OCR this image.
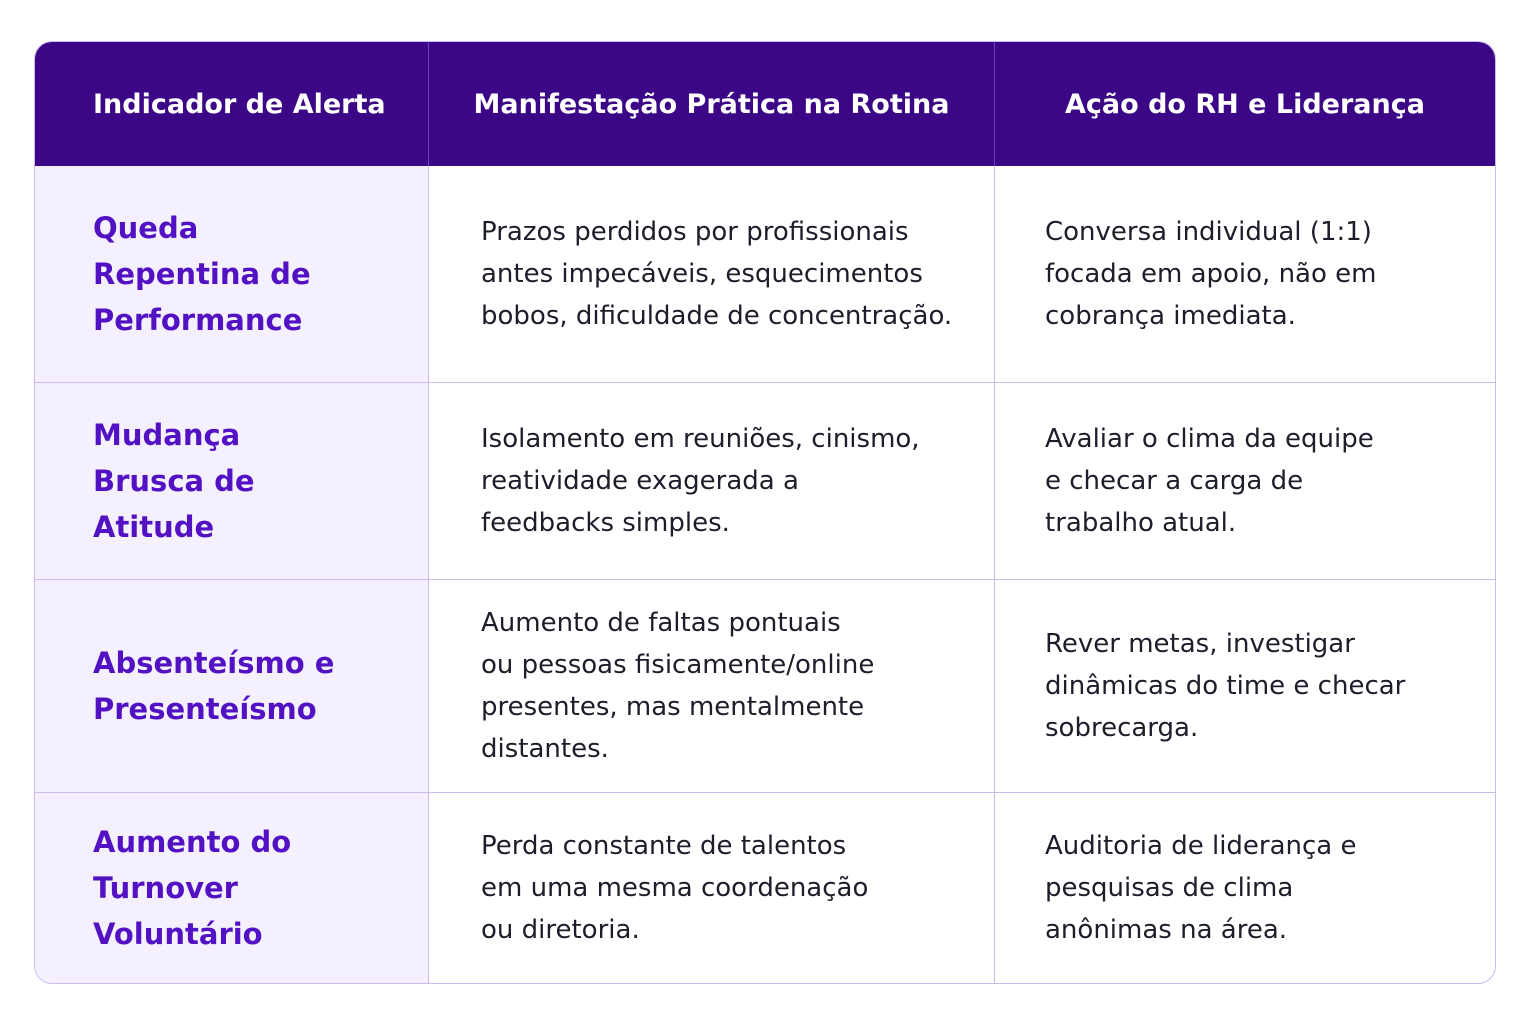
Indicador de Alerta	Manifestação Prática na Rotina	Ação do RH e Liderança
Queda Repentina de Performance
Prazos perdidos por profissionais antes impecáveis, esquecimentos bobos, dificuldade de concentração.
Conversa individual (1:1) focada em apoio, não em cobrança imediata.
Mudança Brusca de Atitude
Isolamento em reuniões, cinismo, reatividade exagerada a feedbacks simples.
Avaliar o clima da equipe e checar a carga de trabalho atual.
Absenteísmo e Presenteísmo
Aumento de faltas pontuais ou pessoas fisicamente/online presentes, mas mentalmente distantes.
Rever metas, investigar dinâmicas do time e checar sobrecarga.
Aumento do Turnover Voluntário
Perda constante de talentos em uma mesma coordenação ou diretoria.
Auditoria de liderança e pesquisas de clima anônimas na área.
